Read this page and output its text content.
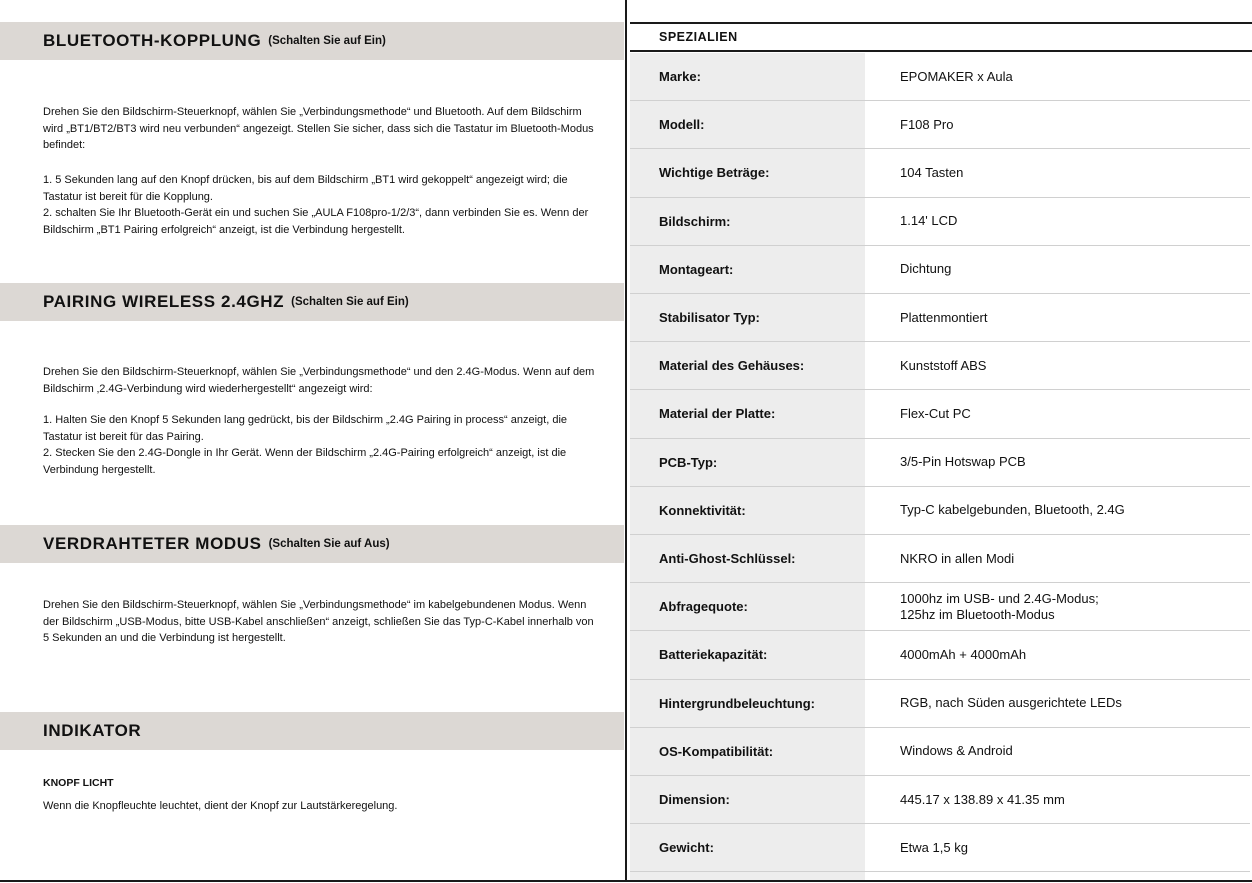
BLUETOOTH-KOPPLUNG (Schalten Sie auf Ein)

Drehen Sie den Bildschirm-Steuerknopf, wählen Sie „Verbindungsmethode“ und Bluetooth. Auf dem Bildschirm wird „BT1/BT2/BT3 wird neu verbunden“ angezeigt. Stellen Sie sicher, dass sich die Tastatur im Bluetooth-Modus befindet:

1. 5 Sekunden lang auf den Knopf drücken, bis auf dem Bildschirm „BT1 wird gekoppelt“ angezeigt wird; die Tastatur ist bereit für die Kopplung.
2. schalten Sie Ihr Bluetooth-Gerät ein und suchen Sie „AULA F108pro-1/2/3“, dann verbinden Sie es. Wenn der Bildschirm „BT1 Pairing erfolgreich“ anzeigt, ist die Verbindung hergestellt.

PAIRING WIRELESS 2.4GHZ (Schalten Sie auf Ein)

Drehen Sie den Bildschirm-Steuerknopf, wählen Sie „Verbindungsmethode“ und den 2.4G-Modus. Wenn auf dem Bildschirm ‚2.4G-Verbindung wird wiederhergestellt“ angezeigt wird:

1. Halten Sie den Knopf 5 Sekunden lang gedrückt, bis der Bildschirm „2.4G Pairing in process“ anzeigt, die Tastatur ist bereit für das Pairing.
2. Stecken Sie den 2.4G-Dongle in Ihr Gerät. Wenn der Bildschirm „2.4G-Pairing erfolgreich“ anzeigt, ist die Verbindung hergestellt.

VERDRAHTETER MODUS (Schalten Sie auf Aus)

Drehen Sie den Bildschirm-Steuerknopf, wählen Sie „Verbindungsmethode“ im kabelgebundenen Modus. Wenn der Bildschirm „USB-Modus, bitte USB-Kabel anschließen“ anzeigt, schließen Sie das Typ-C-Kabel innerhalb von 5 Sekunden an und die Verbindung ist hergestellt.

INDIKATOR

KNOPF LICHT

Wenn die Knopfleuchte leuchtet, dient der Knopf zur Lautstärkeregelung.

SPEZIALIEN
Marke:	EPOMAKER x Aula
Modell:	F108 Pro
Wichtige Beträge:	104 Tasten
Bildschirm:	1.14' LCD
Montageart:	Dichtung
Stabilisator Typ:	Plattenmontiert
Material des Gehäuses:	Kunststoff ABS
Material der Platte:	Flex-Cut PC
PCB-Typ:	3/5-Pin Hotswap PCB
Konnektivität:	Typ-C kabelgebunden, Bluetooth, 2.4G
Anti-Ghost-Schlüssel:	NKRO in allen Modi
Abfragequote:
1000hz im USB- und 2.4G-Modus;
125hz im Bluetooth-Modus
Batteriekapazität:	4000mAh + 4000mAh
Hintergrundbeleuchtung:	RGB, nach Süden ausgerichtete LEDs
OS-Kompatibilität:	Windows & Android
Dimension:	445.17 x 138.89 x 41.35 mm
Gewicht:	Etwa 1,5 kg
